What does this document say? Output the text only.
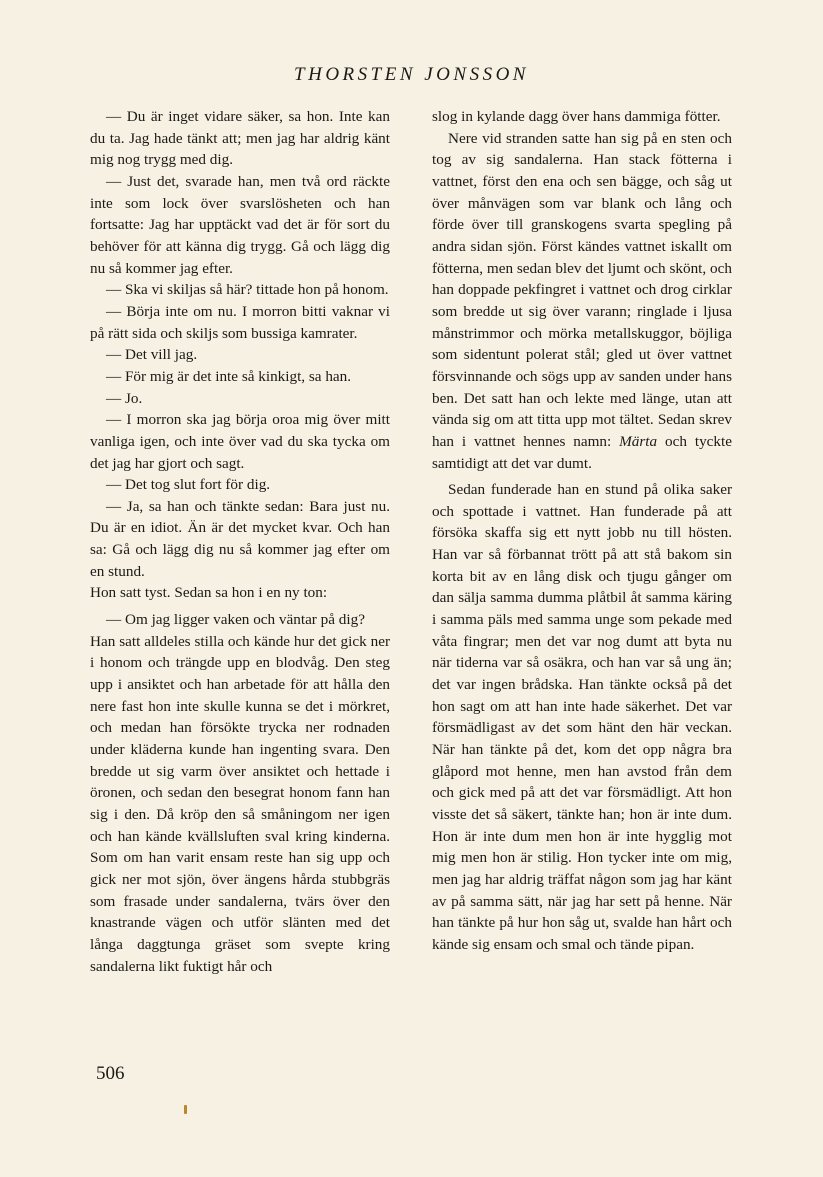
THORSTEN JONSSON

— Du är inget vidare säker, sa hon. Inte kan du ta. Jag hade tänkt att; men jag har aldrig känt mig nog trygg med dig.

— Just det, svarade han, men två ord räckte inte som lock över svarslösheten och han fortsatte: Jag har upptäckt vad det är för sort du behöver för att känna dig trygg. Gå och lägg dig nu så kommer jag efter.

— Ska vi skiljas så här? tittade hon på honom.

— Börja inte om nu. I morron bitti vaknar vi på rätt sida och skiljs som bussiga kamrater.

— Det vill jag.

— För mig är det inte så kinkigt, sa han.

— Jo.

— I morron ska jag börja oroa mig över mitt vanliga igen, och inte över vad du ska tycka om det jag har gjort och sagt.

— Det tog slut fort för dig.

— Ja, sa han och tänkte sedan: Bara just nu. Du är en idiot. Än är det mycket kvar. Och han sa: Gå och lägg dig nu så kommer jag efter om en stund.

Hon satt tyst. Sedan sa hon i en ny ton:

— Om jag ligger vaken och väntar på dig?

Han satt alldeles stilla och kände hur det gick ner i honom och trängde upp en blodvåg. Den steg upp i ansiktet och han arbetade för att hålla den nere fast hon inte skulle kunna se det i mörkret, och medan han försökte trycka ner rodnaden under kläderna kunde han ingenting svara. Den bredde ut sig varm över ansiktet och hettade i öronen, och sedan den besegrat honom fann han sig i den. Då kröp den så småningom ner igen och han kände kvällsluften sval kring kinderna. Som om han varit ensam reste han sig upp och gick ner mot sjön, över ängens hårda stubbgräs som frasade under sandalerna, tvärs över den knastrande vägen och utför slänten med det långa daggtunga gräset som svepte kring sandalerna likt fuktigt hår och

slog in kylande dagg över hans dammiga fötter.

Nere vid stranden satte han sig på en sten och tog av sig sandalerna. Han stack fötterna i vattnet, först den ena och sen bägge, och såg ut över månvägen som var blank och lång och förde över till granskogens svarta spegling på andra sidan sjön. Först kändes vattnet iskallt om fötterna, men sedan blev det ljumt och skönt, och han doppade pekfingret i vattnet och drog cirklar som bredde ut sig över varann; ringlade i ljusa månstrimmor och mörka metallskuggor, böjliga som sidentunt polerat stål; gled ut över vattnet försvinnande och sögs upp av sanden under hans ben. Det satt han och lekte med länge, utan att vända sig om att titta upp mot tältet. Sedan skrev han i vattnet hennes namn: Märta och tyckte samtidigt att det var dumt.

Sedan funderade han en stund på olika saker och spottade i vattnet. Han funderade på att försöka skaffa sig ett nytt jobb nu till hösten. Han var så förbannat trött på att stå bakom sin korta bit av en lång disk och tjugu gånger om dan sälja samma dumma plåtbil åt samma käring i samma päls med samma unge som pekade med våta fingrar; men det var nog dumt att byta nu när tiderna var så osäkra, och han var så ung än; det var ingen brådska. Han tänkte också på det hon sagt om att han inte hade säkerhet. Det var försmädligast av det som hänt den här veckan. När han tänkte på det, kom det opp några bra glåpord mot henne, men han avstod från dem och gick med på att det var försmädligt. Att hon visste det så säkert, tänkte han; hon är inte dum. Hon är inte dum men hon är inte hygglig mot mig men hon är stilig. Hon tycker inte om mig, men jag har aldrig träffat någon som jag har känt av på samma sätt, när jag har sett på henne. När han tänkte på hur hon såg ut, svalde han hårt och kände sig ensam och smal och tände pipan.

506
